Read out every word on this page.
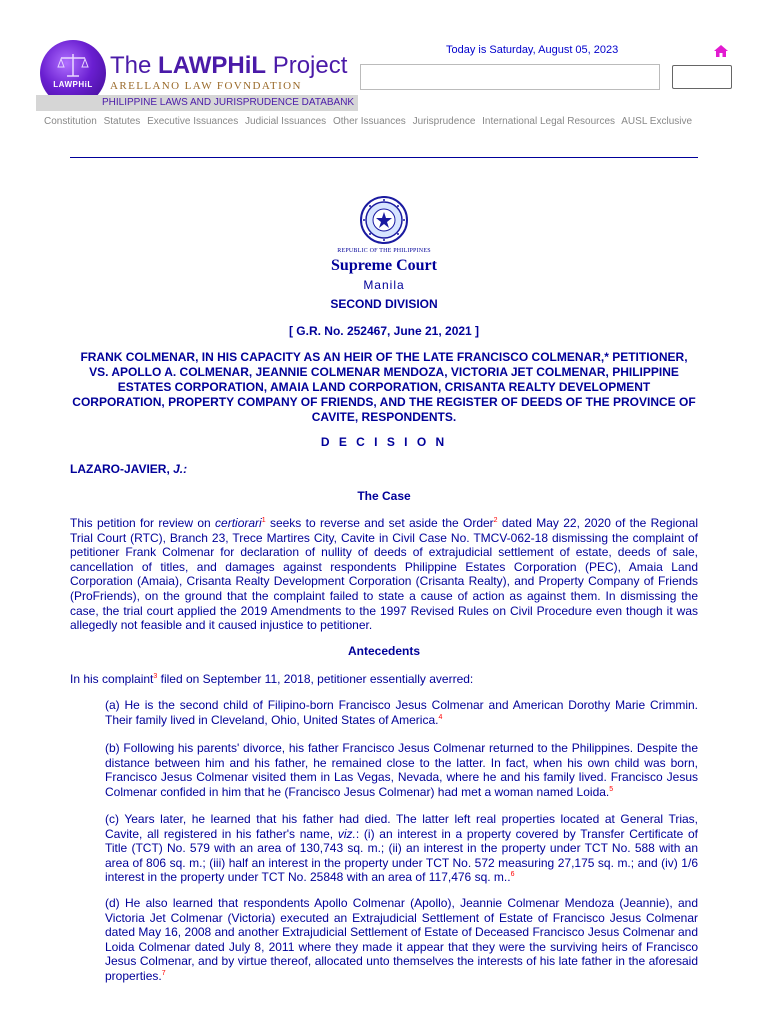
LAWPHiL
The LAWPHiL Project
ARELLANO LAW FOVNDATION
PHILIPPINE LAWS AND JURISPRUDENCE DATABANK
Today is Saturday, August 05, 2023
Constitution Statutes Executive Issuances Judicial Issuances Other Issuances Jurisprudence International Legal Resources AUSL Exclusive
REPUBLIC OF THE PHILIPPINES
Supreme Court
Manila
SECOND DIVISION
[ G.R. No. 252467, June 21, 2021 ]
FRANK COLMENAR, IN HIS CAPACITY AS AN HEIR OF THE LATE FRANCISCO COLMENAR,* PETITIONER, VS. APOLLO A. COLMENAR, JEANNIE COLMENAR MENDOZA, VICTORIA JET COLMENAR, PHILIPPINE ESTATES CORPORATION, AMAIA LAND CORPORATION, CRISANTA REALTY DEVELOPMENT CORPORATION, PROPERTY COMPANY OF FRIENDS, AND THE REGISTER OF DEEDS OF THE PROVINCE OF CAVITE, RESPONDENTS.
D E C I S I O N
LAZARO-JAVIER, J.:
The Case
This petition for review on certiorari$^1$ seeks to reverse and set aside the Order$^2$ dated May 22, 2020 of the Regional Trial Court (RTC), Branch 23, Trece Martires City, Cavite in Civil Case No. TMCV-062-18 dismissing the complaint of petitioner Frank Colmenar for declaration of nullity of deeds of extrajudicial settlement of estate, deeds of sale, cancellation of titles, and damages against respondents Philippine Estates Corporation (PEC), Amaia Land Corporation (Amaia), Crisanta Realty Development Corporation (Crisanta Realty), and Property Company of Friends (ProFriends), on the ground that the complaint failed to state a cause of action as against them. In dismissing the case, the trial court applied the 2019 Amendments to the 1997 Revised Rules on Civil Procedure even though it was allegedly not feasible and it caused injustice to petitioner.
Antecedents
In his complaint$^3$ filed on September 11, 2018, petitioner essentially averred:
(a) He is the second child of Filipino-born Francisco Jesus Colmenar and American Dorothy Marie Crimmin. Their family lived in Cleveland, Ohio, United States of America.$^4$
(b) Following his parents' divorce, his father Francisco Jesus Colmenar returned to the Philippines. Despite the distance between him and his father, he remained close to the latter. In fact, when his own child was born, Francisco Jesus Colmenar visited them in Las Vegas, Nevada, where he and his family lived. Francisco Jesus Colmenar confided in him that he (Francisco Jesus Colmenar) had met a woman named Loida.$^5$
(c) Years later, he learned that his father had died. The latter left real properties located at General Trias, Cavite, all registered in his father's name, viz.: (i) an interest in a property covered by Transfer Certificate of Title (TCT) No. 579 with an area of 130,743 sq. m.; (ii) an interest in the property under TCT No. 588 with an area of 806 sq. m.; (iii) half an interest in the property under TCT No. 572 measuring 27,175 sq. m.; and (iv) 1/6 interest in the property under TCT No. 25848 with an area of 117,476 sq. m..$^6$
(d) He also learned that respondents Apollo Colmenar (Apollo), Jeannie Colmenar Mendoza (Jeannie), and Victoria Jet Colmenar (Victoria) executed an Extrajudicial Settlement of Estate of Francisco Jesus Colmenar dated May 16, 2008 and another Extrajudicial Settlement of Estate of Deceased Francisco Jesus Colmenar and Loida Colmenar dated July 8, 2011 where they made it appear that they were the surviving heirs of Francisco Jesus Colmenar, and by virtue thereof, allocated unto themselves the interests of his late father in the aforesaid properties.$^7$
